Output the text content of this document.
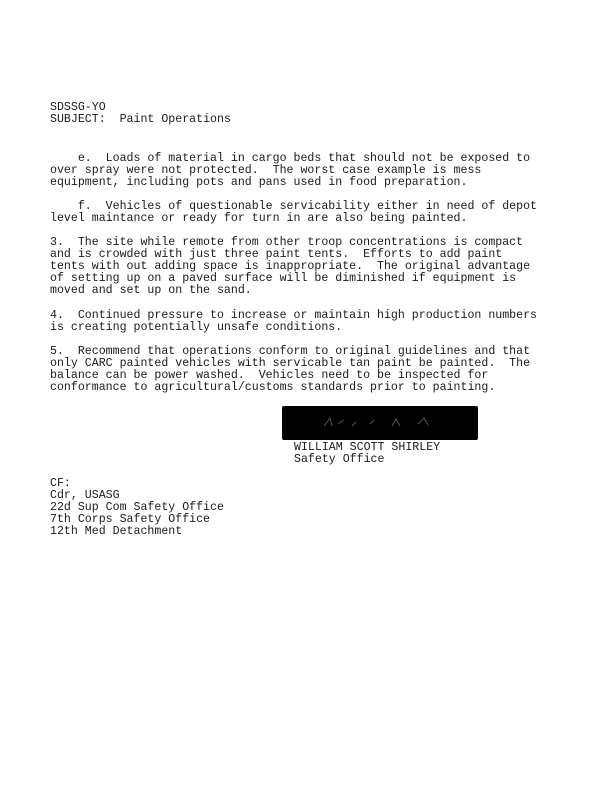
SDSSG-YO
SUBJECT: Paint Operations
e.  Loads of material in cargo beds that should not be exposed to
over spray were not protected.  The worst case example is mess
equipment, including pots and pans used in food preparation.
f.  Vehicles of questionable servicability either in need of depot
level maintance or ready for turn in are also being painted.
3.  The site while remote from other troop concentrations is compact
and is crowded with just three paint tents.  Efforts to add paint
tents with out adding space is inappropriate.  The original advantage
of setting up on a paved surface will be diminished if equipment is
moved and set up on the sand.
4.  Continued pressure to increase or maintain high production numbers
is creating potentially unsafe conditions.
5.  Recommend that operations conform to original guidelines and that
only CARC painted vehicles with servicable tan paint be painted.  The
balance can be power washed.  Vehicles need to be inspected for
conformance to agricultural/customs standards prior to painting.
WILLIAM SCOTT SHIRLEY
Safety Office
CF:
Cdr, USASG
22d Sup Com Safety Office
7th Corps Safety Office
12th Med Detachment
